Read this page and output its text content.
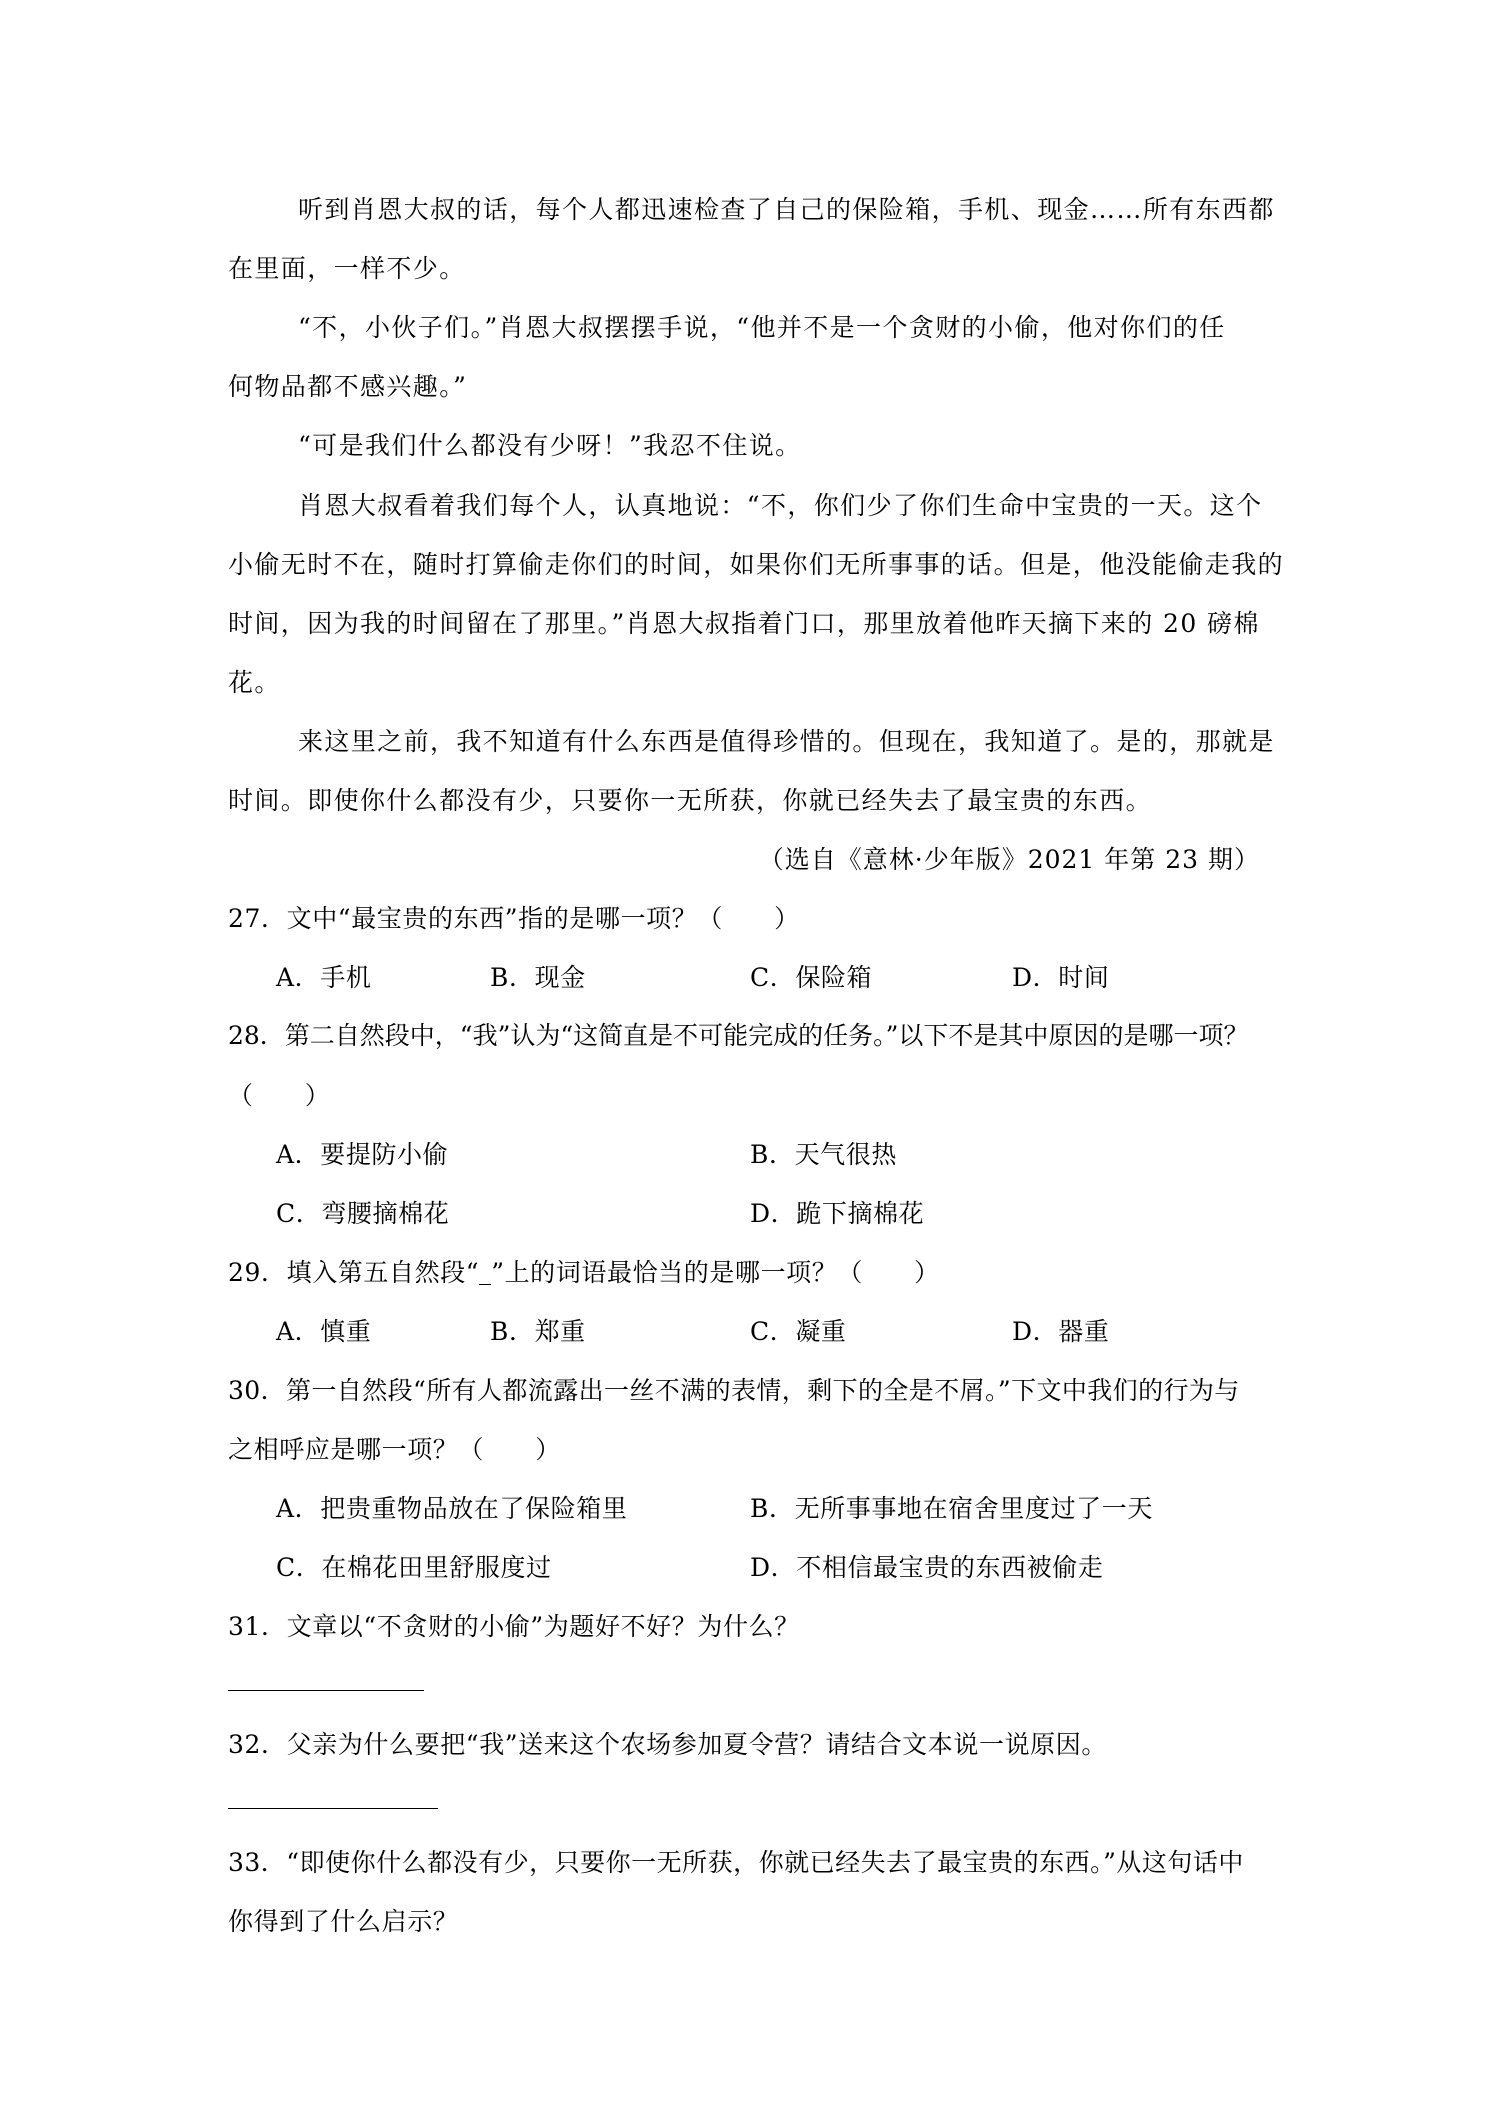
听到肖恩大叔的话，每个人都迅速检查了自己的保险箱，手机、现金……所有东西都
在里面，一样不少。
“不，小伙子们。”肖恩大叔摆摆手说，“他并不是一个贪财的小偷，他对你们的任
何物品都不感兴趣。”
“可是我们什么都没有少呀！”我忍不住说。
肖恩大叔看着我们每个人，认真地说：“不，你们少了你们生命中宝贵的一天。这个
小偷无时不在，随时打算偷走你们的时间，如果你们无所事事的话。但是，他没能偷走我的
时间，因为我的时间留在了那里。”肖恩大叔指着门口，那里放着他昨天摘下来的 20 磅棉
花。
来这里之前，我不知道有什么东西是值得珍惜的。但现在，我知道了。是的，那就是
时间。即使你什么都没有少，只要你一无所获，你就已经失去了最宝贵的东西。
（选自《意林·少年版》2021 年第 23 期）
27．文中“最宝贵的东西”指的是哪一项？（　　）
A．手机	B．现金	C．保险箱	D．时间
28．第二自然段中，“我”认为“这简直是不可能完成的任务。”以下不是其中原因的是哪一项？
（　　）
A．要提防小偷	B．天气很热
C．弯腰摘棉花	D．跪下摘棉花
29．填入第五自然段“ ”上的词语最恰当的是哪一项？（　　）
A．慎重	B．郑重	C．凝重	D．器重
30．第一自然段“所有人都流露出一丝不满的表情，剩下的全是不屑。”下文中我们的行为与
之相呼应是哪一项？（　　）
A．把贵重物品放在了保险箱里	B．无所事事地在宿舍里度过了一天
C．在棉花田里舒服度过	D．不相信最宝贵的东西被偷走
31．文章以“不贪财的小偷”为题好不好？为什么？
32．父亲为什么要把“我”送来这个农场参加夏令营？请结合文本说一说原因。
33．“即使你什么都没有少，只要你一无所获，你就已经失去了最宝贵的东西。”从这句话中
你得到了什么启示？
